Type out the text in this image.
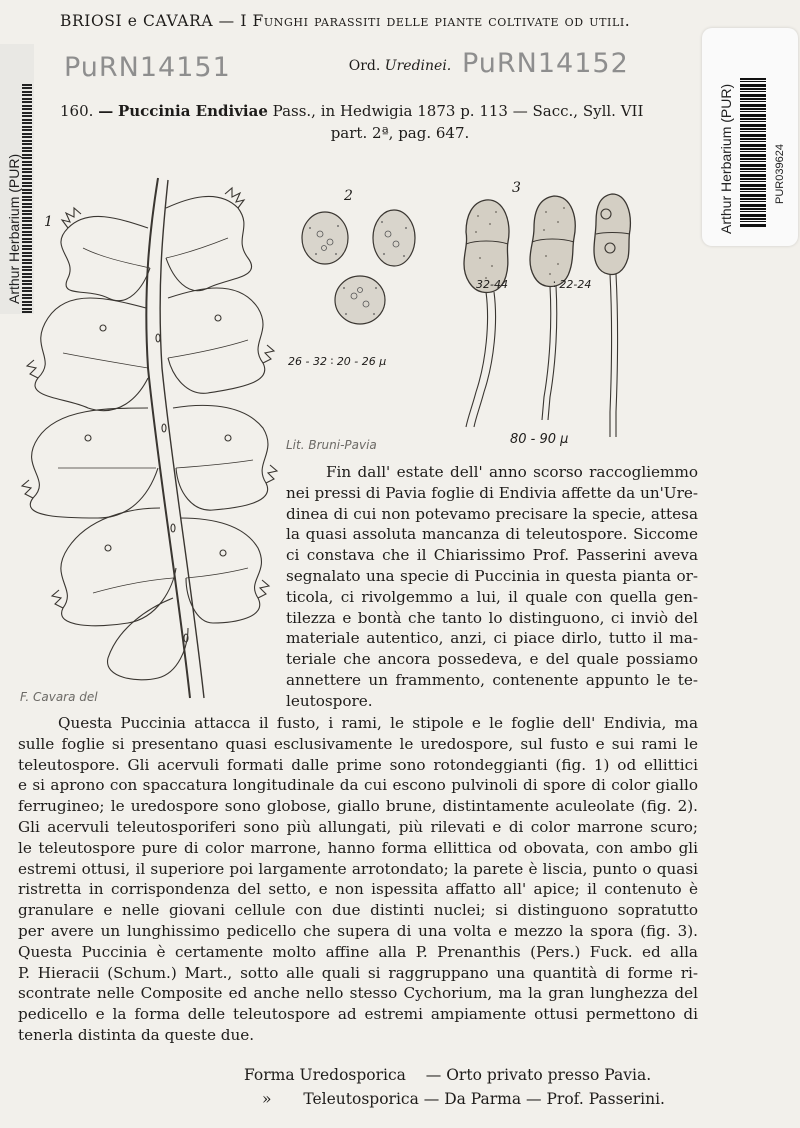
Arthur Herbarium (PUR)	Arthur Herbarium (PUR)	PUR039624
BRIOSI e CAVARA — I Funghi parassiti delle piante coltivate od utili.
PuRN14151	PuRN14152
Ord. Uredinei.
160. — Puccinia Endiviae Pass., in Hedwigia 1873 p. 113 — Sacc., Syll. VII
part. 2ª, pag. 647.
1
F. Cavara del
2
26 - 32 ∶ 20 - 26 μ
3
32-44	∶ 22-24
80 - 90 μ
Lit. Bruni-Pavia
Fin dall' estate dell' anno scorso raccogliemmo
nei pressi di Pavia foglie di Endivia affette da un'Ure-
dinea di cui non potevamo precisare la specie, attesa
la quasi assoluta mancanza di teleutospore. Siccome
ci constava che il Chiarissimo Prof. Passerini aveva
segnalato una specie di Puccinia in questa pianta or-
ticola, ci rivolgemmo a lui, il quale con quella gen-
tilezza e bontà che tanto lo distinguono, ci inviò del
materiale autentico, anzi, ci piace dirlo, tutto il ma-
teriale che ancora possedeva, e del quale possiamo
annettere un frammento, contenente appunto le te-
leutospore.
Questa Puccinia attacca il fusto, i rami, le stipole e le foglie dell' Endivia, ma
sulle foglie si presentano quasi esclusivamente le uredospore, sul fusto e sui rami le
teleutospore. Gli acervuli formati dalle prime sono rotondeggianti (fig. 1) od ellittici
e si aprono con spaccatura longitudinale da cui escono pulvinoli di spore di color giallo
ferrugineo; le uredospore sono globose, giallo brune, distintamente aculeolate (fig. 2).
Gli acervuli teleutosporiferi sono più allungati, più rilevati e di color marrone scuro;
le teleutospore pure di color marrone, hanno forma ellittica od obovata, con ambo gli
estremi ottusi, il superiore poi largamente arrotondato; la parete è liscia, punto o quasi
ristretta in corrispondenza del setto, e non ispessita affatto all' apice; il contenuto è
granulare e nelle giovani cellule con due distinti nuclei; si distinguono sopratutto
per avere un lunghissimo pedicello che supera di una volta e mezzo la spora (fig. 3).
Questa Puccinia è certamente molto affine alla P. Prenanthis (Pers.) Fuck. ed alla
P. Hieracii (Schum.) Mart., sotto alle quali si raggruppano una quantità di forme ri-
scontrate nelle Composite ed anche nello stesso Cychorium, ma la gran lunghezza del
pedicello e la forma delle teleutospore ad estremi ampiamente ottusi permettono di
tenerla distinta da queste due.
Forma Uredosporica — Orto privato presso Pavia.
» Teleutosporica — Da Parma — Prof. Passerini.
